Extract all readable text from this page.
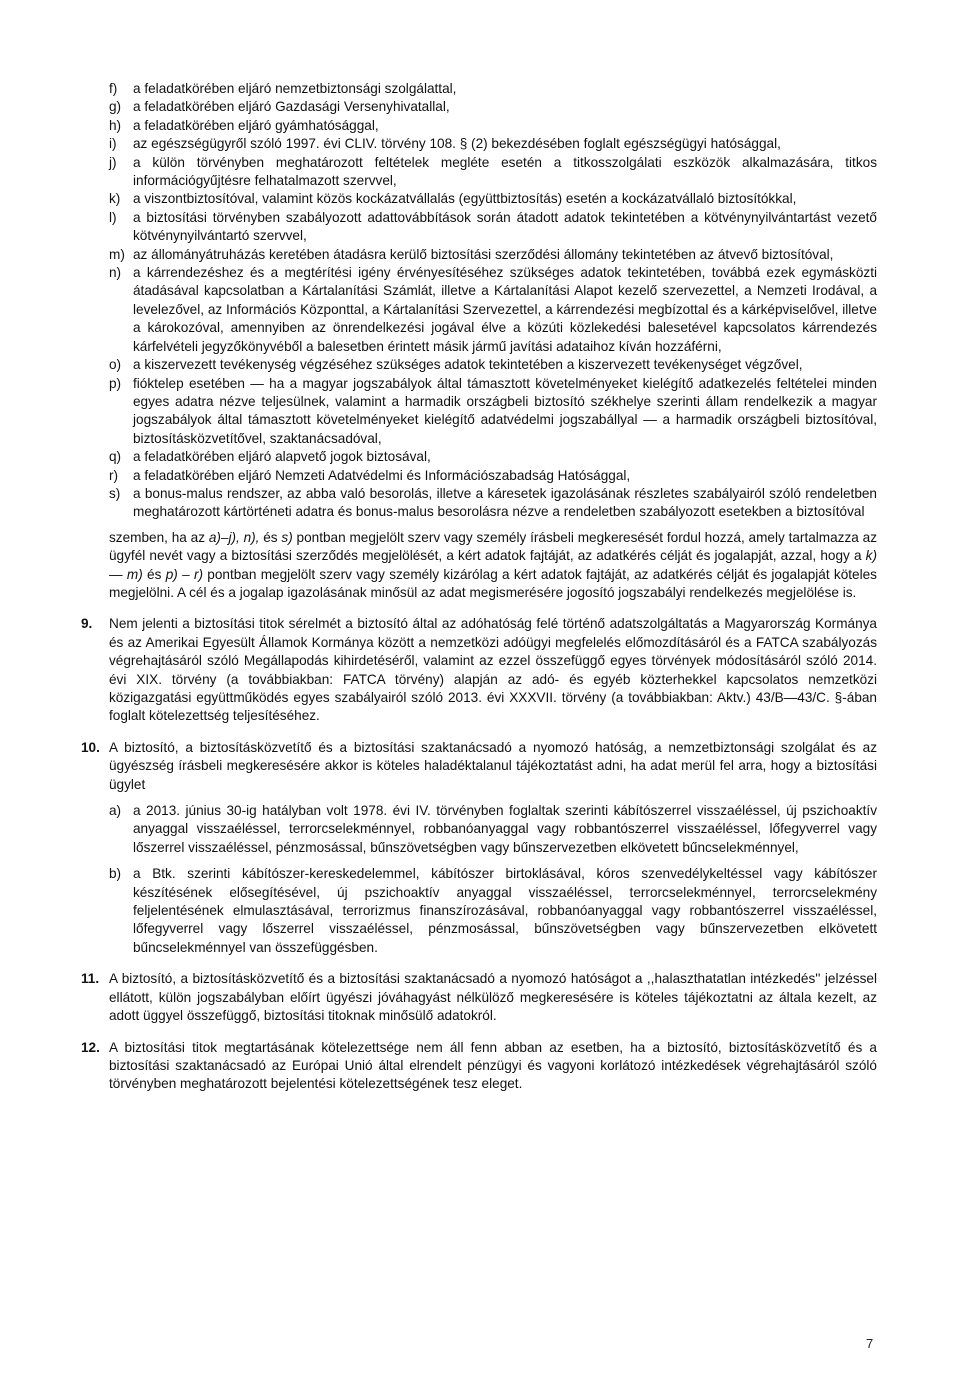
f)	a feladatkörében eljáró nemzetbiztonsági szolgálattal,
g) a feladatkörében eljáró Gazdasági Versenyhivatallal,
h) a feladatkörében eljáró gyámhatósággal,
i)	az egészségügyről szóló 1997. évi CLIV. törvény 108. § (2) bekezdésében foglalt egészségügyi hatósággal,
j)	a külön törvényben meghatározott feltételek megléte esetén a titkosszolgálati eszközök alkalmazására, titkos információgyűjtésre felhatalmazott szervvel,
k) a viszontbiztosítóval, valamint közös kockázatvállalás (együttbiztosítás) esetén a kockázatvállaló biztosítókkal,
l)	a biztosítási törvényben szabályozott adattovábbítások során átadott adatok tekintetében a kötvénynyilvántartást vezető kötvénynyilvántartó szervvel,
m) az állományátruházás keretében átadásra kerülő biztosítási szerződési állomány tekintetében az átvevő biztosítóval,
n) a kárrendezéshez és a megtérítési igény érvényesítéséhez szükséges adatok tekintetében, továbbá ezek egymásközti átadásával kapcsolatban a Kártalanítási Számlát, illetve a Kártalanítási Alapot kezelő szervezettel, a Nemzeti Irodával, a levelezővel, az Információs Központtal, a Kártalanítási Szervezettel, a kárrendezési megbízottal és a kárképviselővel, illetve a károkozóval, amennyiben az önrendelkezési jogával élve a közúti közlekedési balesetével kapcsolatos kárrendezés kárfelvételi jegyzőkönyvéből a balesetben érintett másik jármű javítási adataihoz kíván hozzáférni,
o) a kiszervezett tevékenység végzéséhez szükséges adatok tekintetében a kiszervezett tevékenységet végzővel,
p) fióktelep esetében — ha a magyar jogszabályok által támasztott követelményeket kielégítő adatkezelés feltételei minden egyes adatra nézve teljesülnek, valamint a harmadik országbeli biztosító székhelye szerinti állam rendelkezik a magyar jogszabályok által támasztott követelményeket kielégítő adatvédelmi jogszabállyal — a harmadik országbeli biztosítóval, biztosításközvetítővel, szaktanácsadóval,
q) a feladatkörében eljáró alapvető jogok biztosával,
r)	a feladatkörében eljáró Nemzeti Adatvédelmi és Információszabadság Hatósággal,
s) a bonus-malus rendszer, az abba való besorolás, illetve a káresetek igazolásának részletes szabályairól szóló rendeletben meghatározott kártörténeti adatra és bonus-malus besorolásra nézve a rendeletben szabályozott esetekben a biztosítóval
szemben, ha az a)–j), n), és s) pontban megjelölt szerv vagy személy írásbeli megkeresését fordul hozzá, amely tartalmazza az ügyfél nevét vagy a biztosítási szerződés megjelölését, a kért adatok fajtáját, az adatkérés célját és jogalapját, azzal, hogy a k) — m) és p) – r) pontban megjelölt szerv vagy személy kizárólag a kért adatok fajtáját, az adatkérés célját és jogalapját köteles megjelölni. A cél és a jogalap igazolásának minősül az adat megismerésére jogosító jogszabályi rendelkezés megjelölése is.
9.	Nem jelenti a biztosítási titok sérelmét a biztosító által az adóhatóság felé történő adatszolgáltatás a Magyarország Kormánya és az Amerikai Egyesült Államok Kormánya között a nemzetközi adóügyi megfelelés előmozdításáról és a FATCA szabályozás végrehajtásáról szóló Megállapodás kihirdetéséről, valamint az ezzel összefüggő egyes törvények módosításáról szóló 2014. évi XIX. törvény (a továbbiakban: FATCA törvény) alapján az adó- és egyéb közterhekkel kapcsolatos nemzetközi közigazgatási együttműködés egyes szabályairól szóló 2013. évi XXXVII. törvény (a továbbiakban: Aktv.) 43/B—43/C. §-ában foglalt kötelezettség teljesítéséhez.
10. A biztosító, a biztosításközvetítő és a biztosítási szaktanácsadó a nyomozó hatóság, a nemzetbiztonsági szolgálat és az ügyészség írásbeli megkeresésére akkor is köteles haladéktalanul tájékoztatást adni, ha adat merül fel arra, hogy a biztosítási ügylet
a) a 2013. június 30-ig hatályban volt 1978. évi IV. törvényben foglaltak szerinti kábítószerrel visszaéléssel, új pszichoaktív anyaggal visszaéléssel, terrorcselekménnyel, robbanóanyaggal vagy robbantószerrel visszaéléssel, lőfegyverrel vagy lőszerrel visszaéléssel, pénzmosással, bűnszövetségben vagy bűnszervezetben elkövetett bűncselekménnyel,
b) a Btk. szerinti kábítószer-kereskedelemmel, kábítószer birtoklásával, kóros szenvedélykeltéssel vagy kábítószer készítésének elősegítésével, új pszichoaktív anyaggal visszaéléssel, terrorcselekménnyel, terrorcselekmény feljelentésének elmulasztásával, terrorizmus finanszírozásával, robbanóanyaggal vagy robbantószerrel visszaéléssel, lőfegyverrel vagy lőszerrel visszaéléssel, pénzmosással, bűnszövetségben vagy bűnszervezetben elkövetett bűncselekménnyel van összefüggésben.
11. A biztosító, a biztosításközvetítő és a biztosítási szaktanácsadó a nyomozó hatóságot a ,,halaszthatatlan intézkedés'' jelzéssel ellátott, külön jogszabályban előírt ügyészi jóváhagyást nélkülöző megkeresésére is köteles tájékoztatni az általa kezelt, az adott üggyel összefüggő, biztosítási titoknak minősülő adatokról.
12. A biztosítási titok megtartásának kötelezettsége nem áll fenn abban az esetben, ha a biztosító, biztosításközvetítő és a biztosítási szaktanácsadó az Európai Unió által elrendelt pénzügyi és vagyoni korlátozó intézkedések végrehajtásáról szóló törvényben meghatározott bejelentési kötelezettségének tesz eleget.
7
